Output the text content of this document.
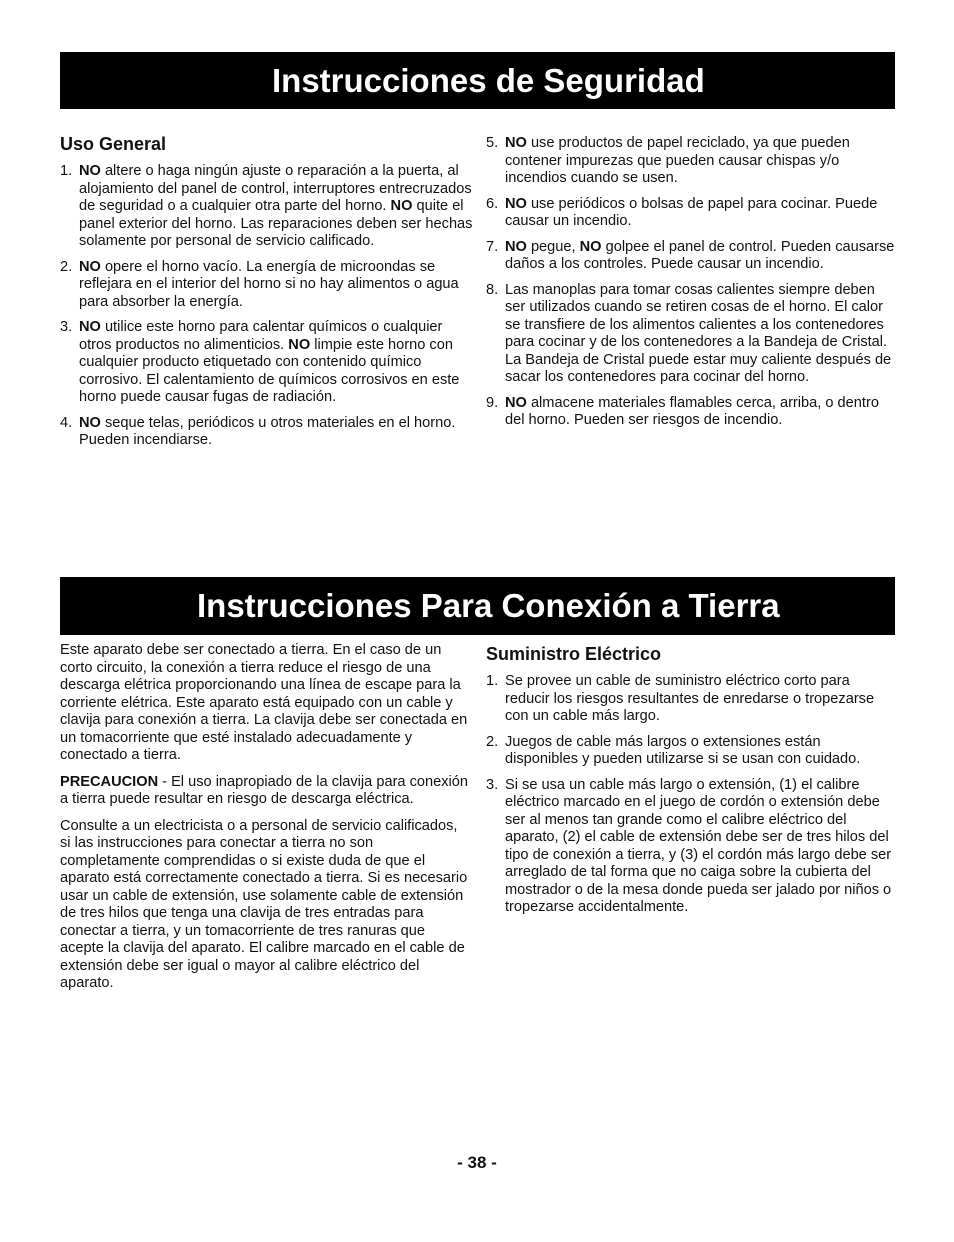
Instrucciones de Seguridad
Uso General
1. NO altere o haga ningún ajuste o reparación a la puerta, al alojamiento del panel de control, interruptores entrecruzados de seguridad o a cualquier otra parte del horno. NO quite el panel exterior del horno. Las reparaciones deben ser hechas solamente por personal de servicio calificado.
2. NO opere el horno vacío. La energía de microondas se reflejara en el interior del horno si no hay alimentos o agua para absorber la energía.
3. NO utilice este horno para calentar químicos o cualquier otros productos no alimenticios. NO limpie este horno con cualquier producto etiquetado con contenido químico corrosivo. El calentamiento de químicos corrosivos en este horno puede causar fugas de radiación.
4. NO seque telas, periódicos u otros materiales en el horno. Pueden incendiarse.
5. NO use productos de papel reciclado, ya que pueden contener impurezas que pueden causar chispas y/o incendios cuando se usen.
6. NO use periódicos o bolsas de papel para cocinar. Puede causar un incendio.
7. NO pegue, NO golpee el panel de control. Pueden causarse daños a los controles. Puede causar un incendio.
8. Las manoplas para tomar cosas calientes siempre deben ser utilizados cuando se retiren cosas de el horno. El calor se transfiere de los alimentos calientes a los contenedores para cocinar y de los contenedores a la Bandeja de Cristal. La Bandeja de Cristal puede estar muy caliente después de sacar los contenedores para cocinar del horno.
9. NO almacene materiales flamables cerca, arriba, o dentro del horno. Pueden ser riesgos de incendio.
Instrucciones Para Conexión a Tierra

Este aparato debe ser conectado a tierra. En el caso de un corto circuito, la conexión a tierra reduce el riesgo de una descarga elétrica proporcionando una línea de escape para la corriente elétrica. Este aparato está equipado con un cable y clavija para conexión a tierra. La clavija debe ser conectada en un tomacorriente que esté instalado adecuadamente y conectado a tierra.

PRECAUCION - El uso inapropiado de la clavija para conexión a tierra puede resultar en riesgo de descarga eléctrica.

Consulte a un electricista o a personal de servicio calificados, si las instrucciones para conectar a tierra no son completamente comprendidas o si existe duda de que el aparato está correctamente conectado a tierra. Si es necesario usar un cable de extensión, use solamente cable de extensión de tres hilos que tenga una clavija de tres entradas para conectar a tierra, y un tomacorriente de tres ranuras que acepte la clavija del aparato. El calibre marcado en el cable de extensión debe ser igual o mayor al calibre eléctrico del aparato.

Suministro Eléctrico
1. Se provee un cable de suministro eléctrico corto para reducir los riesgos resultantes de enredarse o tropezarse con un cable más largo.
2. Juegos de cable más largos o extensiones están disponibles y pueden utilizarse si se usan con cuidado.
3. Si se usa un cable más largo o extensión, (1) el calibre eléctrico marcado en el juego de cordón o extensión debe ser al menos tan grande como el calibre eléctrico del aparato, (2) el cable de extensión debe ser de tres hilos del tipo de conexión a tierra, y (3) el cordón más largo debe ser arreglado de tal forma que no caiga sobre la cubierta del mostrador o de la mesa donde pueda ser jalado por niños o tropezarse accidentalmente.
- 38 -
